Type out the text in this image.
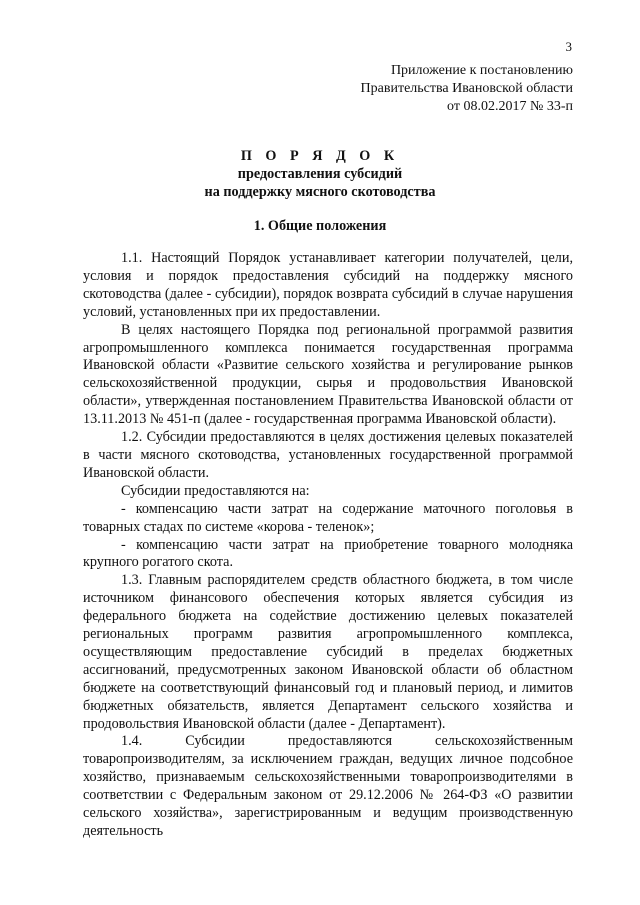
3
Приложение к постановлению
Правительства Ивановской области
от 08.02.2017 № 33-п
П О Р Я Д О К
предоставления субсидий
на поддержку мясного скотоводства
1. Общие положения

1.1. Настоящий Порядок устанавливает категории получателей, цели, условия и порядок предоставления субсидий на поддержку мясного скотоводства (далее - субсидии), порядок возврата субсидий в случае нарушения условий, установленных при их предоставлении.

В целях настоящего Порядка под региональной программой развития агропромышленного комплекса понимается государственная программа Ивановской области «Развитие сельского хозяйства и регулирование рынков сельскохозяйственной продукции, сырья и продовольствия Ивановской области», утвержденная постановлением Правительства Ивановской области от 13.11.2013 № 451-п (далее - государственная программа Ивановской области).

1.2. Субсидии предоставляются в целях достижения целевых показателей в части мясного скотоводства, установленных государственной программой Ивановской области.

Субсидии предоставляются на:

- компенсацию части затрат на содержание маточного поголовья в товарных стадах по системе «корова - теленок»;

- компенсацию части затрат на приобретение товарного молодняка крупного рогатого скота.

1.3. Главным распорядителем средств областного бюджета, в том числе источником финансового обеспечения которых является субсидия из федерального бюджета на содействие достижению целевых показателей региональных программ развития агропромышленного комплекса, осуществляющим предоставление субсидий в пределах бюджетных ассигнований, предусмотренных законом Ивановской области об областном бюджете на соответствующий финансовый год и плановый период, и лимитов бюджетных обязательств, является Департамент сельского хозяйства и продовольствия Ивановской области (далее - Департамент).

1.4. Субсидии предоставляются сельскохозяйственным товаропроизводителям, за исключением граждан, ведущих личное подсобное хозяйство, признаваемым сельскохозяйственными товаропроизводителями в соответствии с Федеральным законом от 29.12.2006 № 264-ФЗ «О развитии сельского хозяйства», зарегистрированным и ведущим производственную деятельность
